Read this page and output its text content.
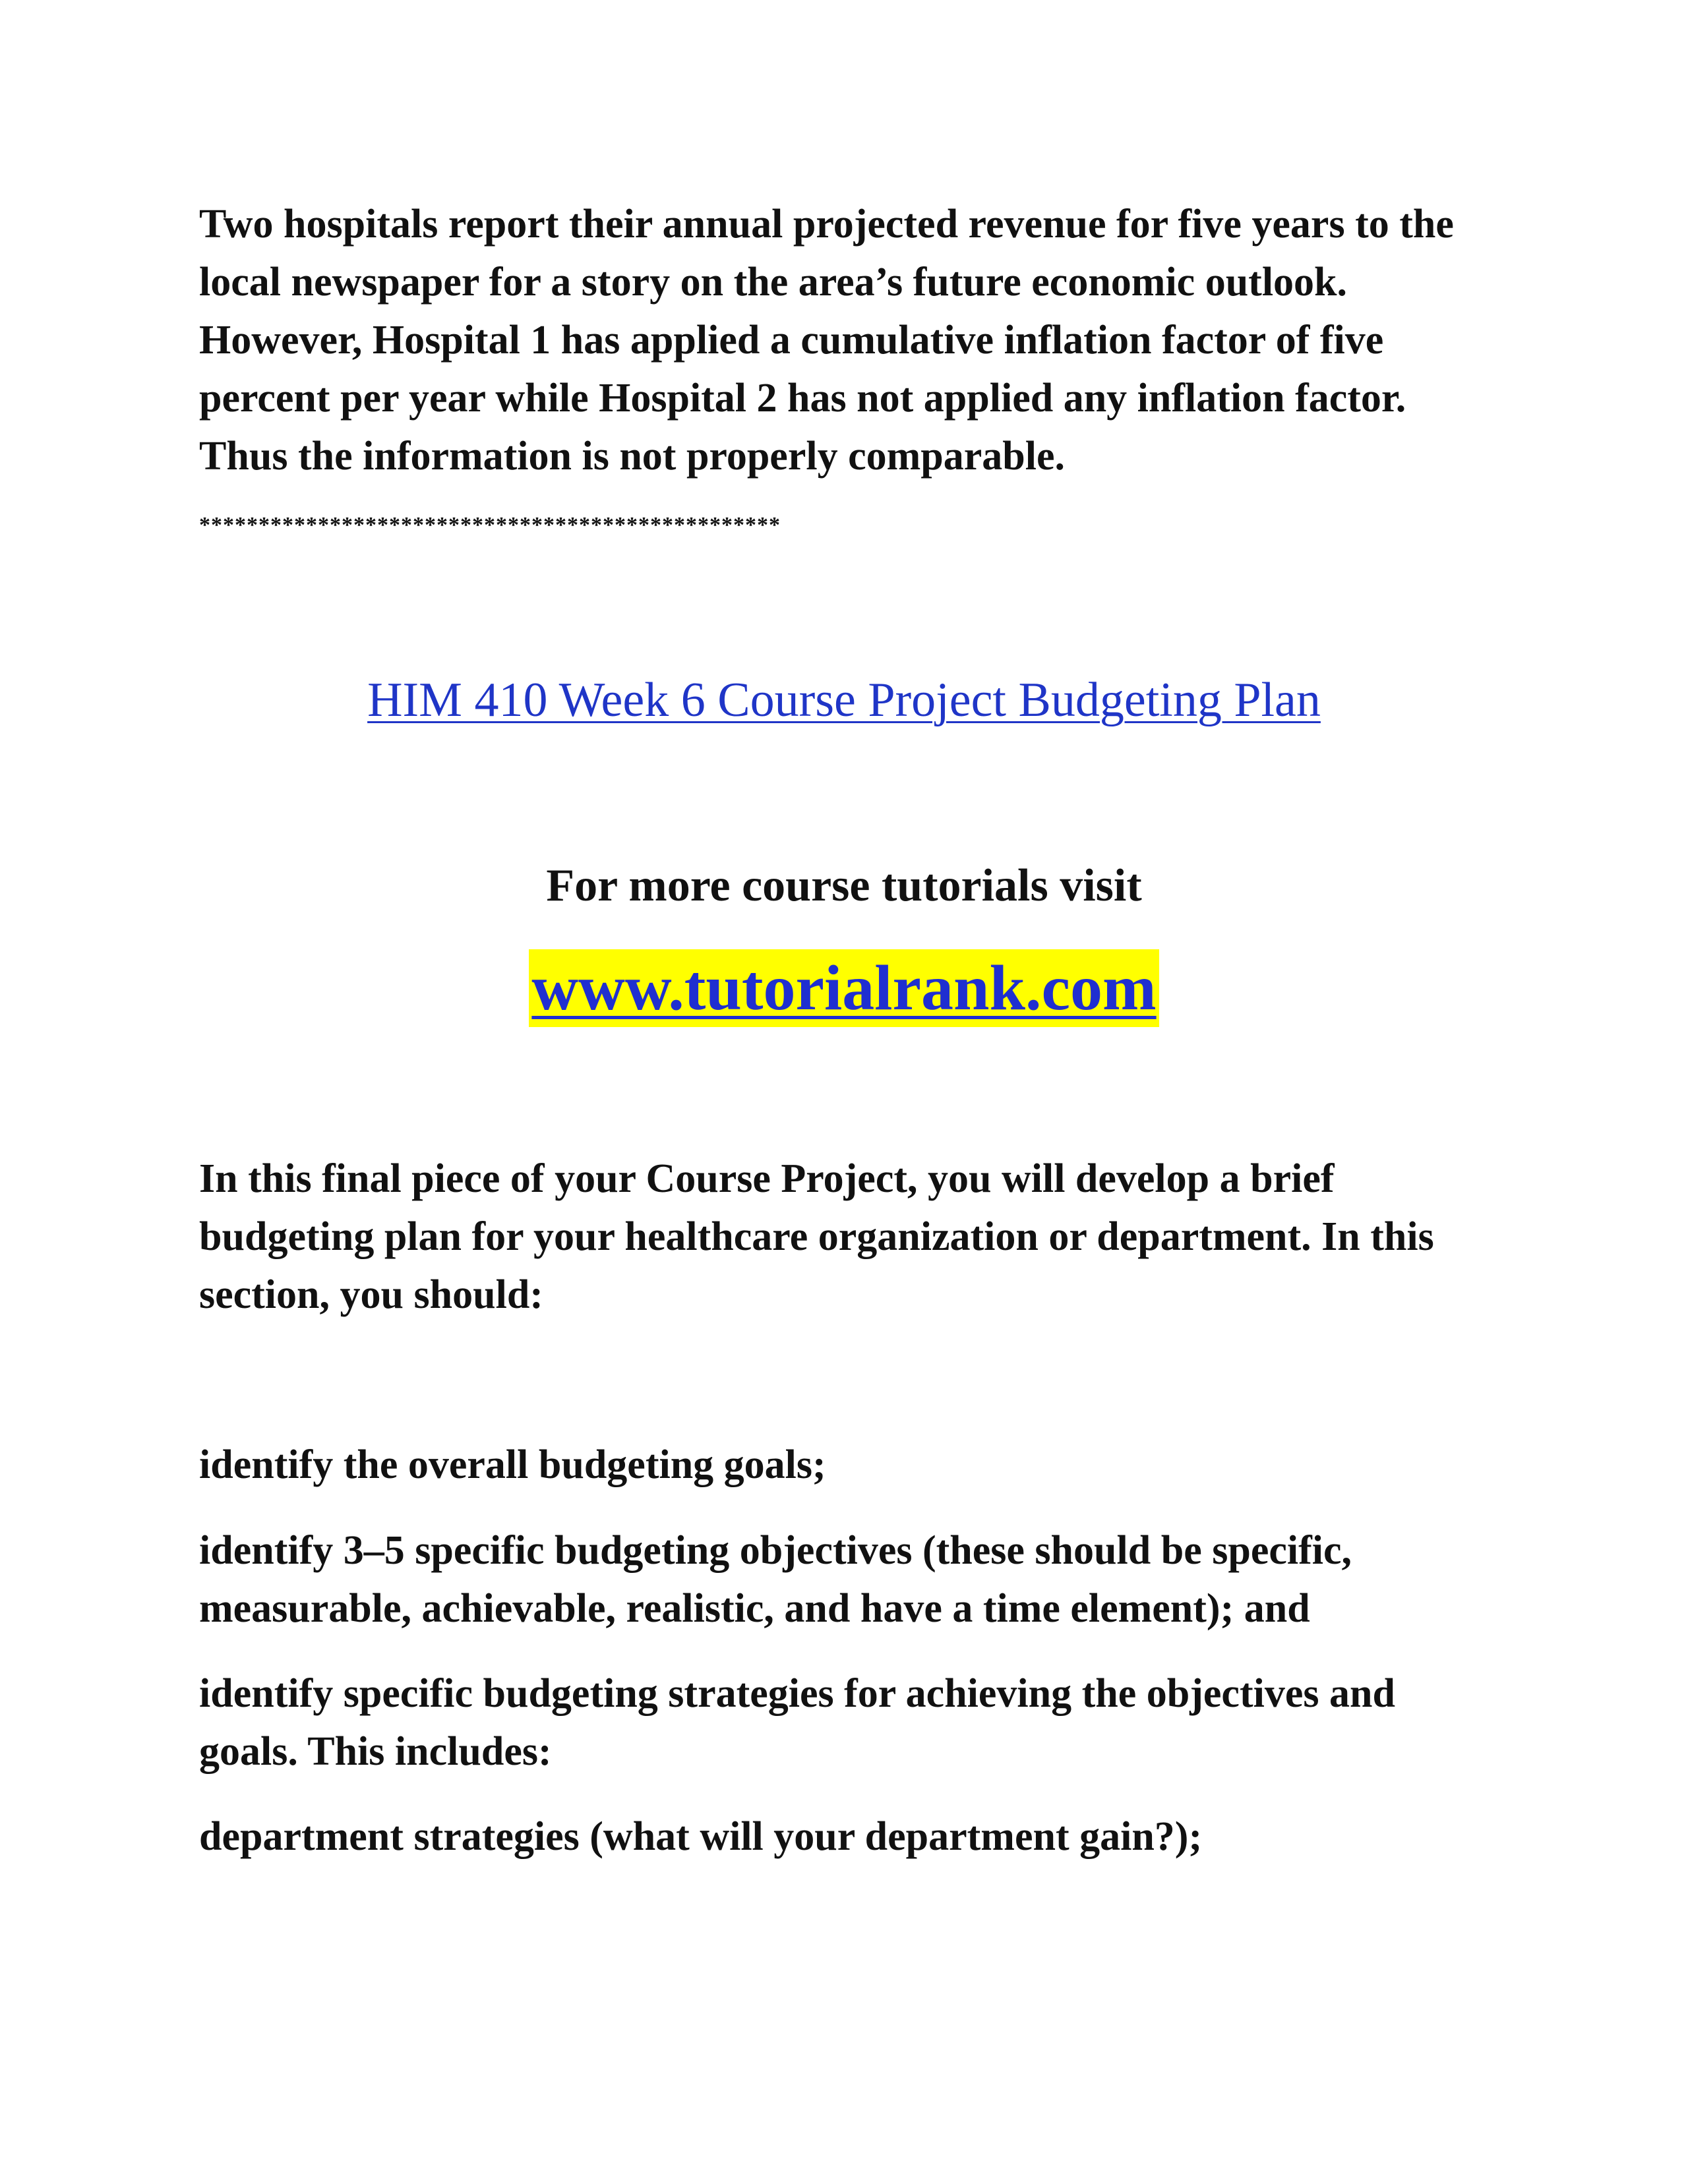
Two hospitals report their annual projected revenue for five years to the local newspaper for a story on the area’s future economic outlook. However, Hospital 1 has applied a cumulative inflation factor of five percent per year while Hospital 2 has not applied any inflation factor. Thus the information is not properly comparable.

*************************************************

HIM 410 Week 6 Course Project Budgeting Plan

For more course tutorials visit

www.tutorialrank.com

In this final piece of your Course Project, you will develop a brief budgeting plan for your healthcare organization or department. In this section, you should:

identify the overall budgeting goals;

identify 3–5 specific budgeting objectives (these should be specific, measurable, achievable, realistic, and have a time element); and

identify specific budgeting strategies for achieving the objectives and goals. This includes:

department strategies (what will your department gain?);
